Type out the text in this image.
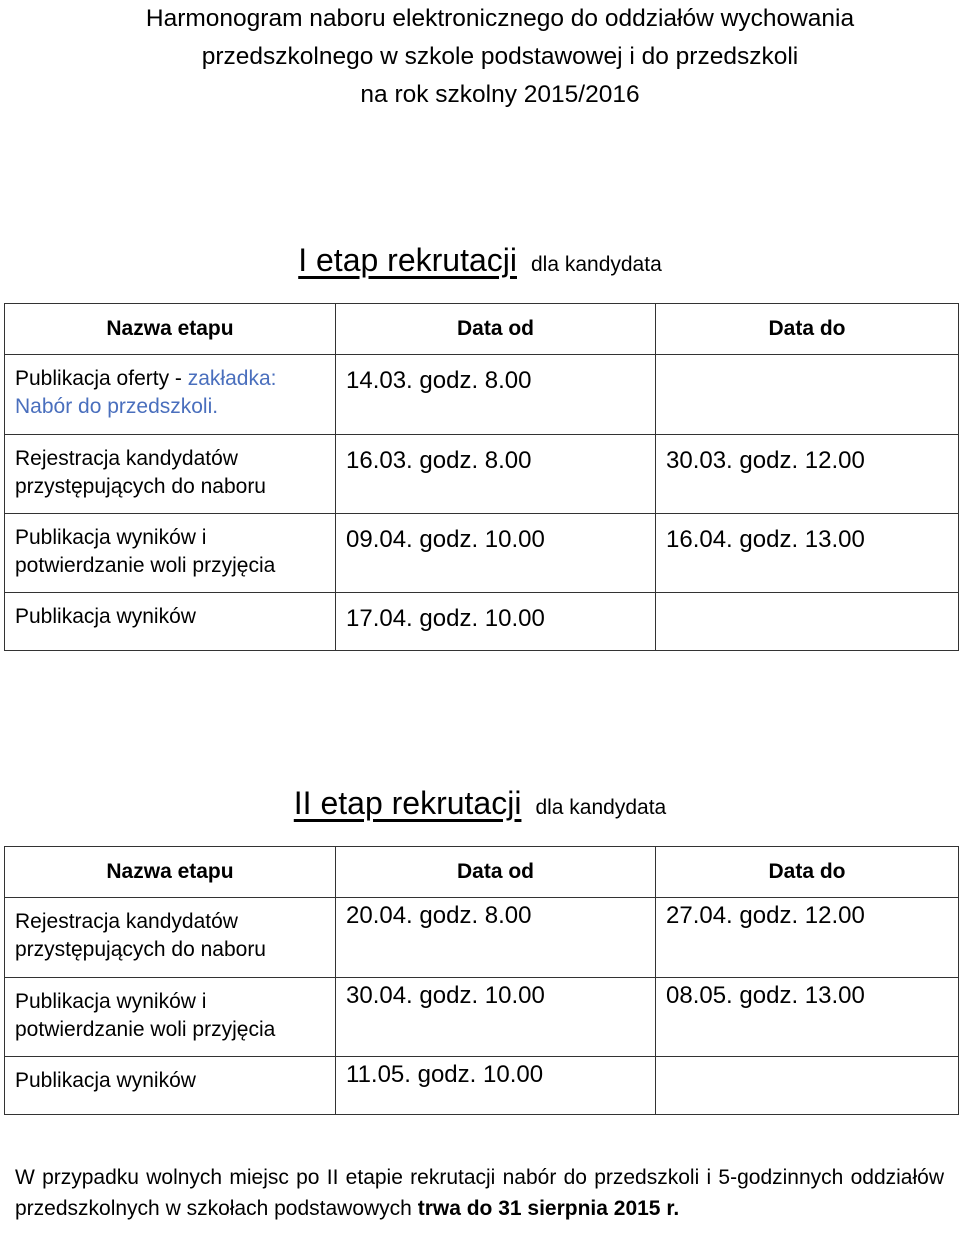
Harmonogram naboru elektronicznego do oddziałów wychowania
przedszkolnego w szkole podstawowej i do przedszkoli
na rok szkolny 2015/2016
I etap rekrutacji dla kandydata
Nazwa etapu	Data od	Data do
Publikacja oferty - zakładka: Nabór do przedszkoli.	14.03. godz. 8.00	
Rejestracja kandydatów przystępujących do naboru	16.03. godz. 8.00	30.03. godz. 12.00
Publikacja wyników i potwierdzanie woli przyjęcia	09.04. godz. 10.00	16.04. godz. 13.00
Publikacja wyników	17.04. godz. 10.00	
II etap rekrutacji dla kandydata
Nazwa etapu	Data od	Data do
Rejestracja kandydatów przystępujących do naboru	20.04. godz. 8.00	27.04. godz. 12.00
Publikacja wyników i potwierdzanie woli przyjęcia	30.04. godz. 10.00	08.05. godz. 13.00
Publikacja wyników	11.05. godz. 10.00	
W przypadku wolnych miejsc po II etapie rekrutacji nabór do przedszkoli i 5-godzinnych oddziałów przedszkolnych w szkołach podstawowych trwa do 31 sierpnia 2015 r.
